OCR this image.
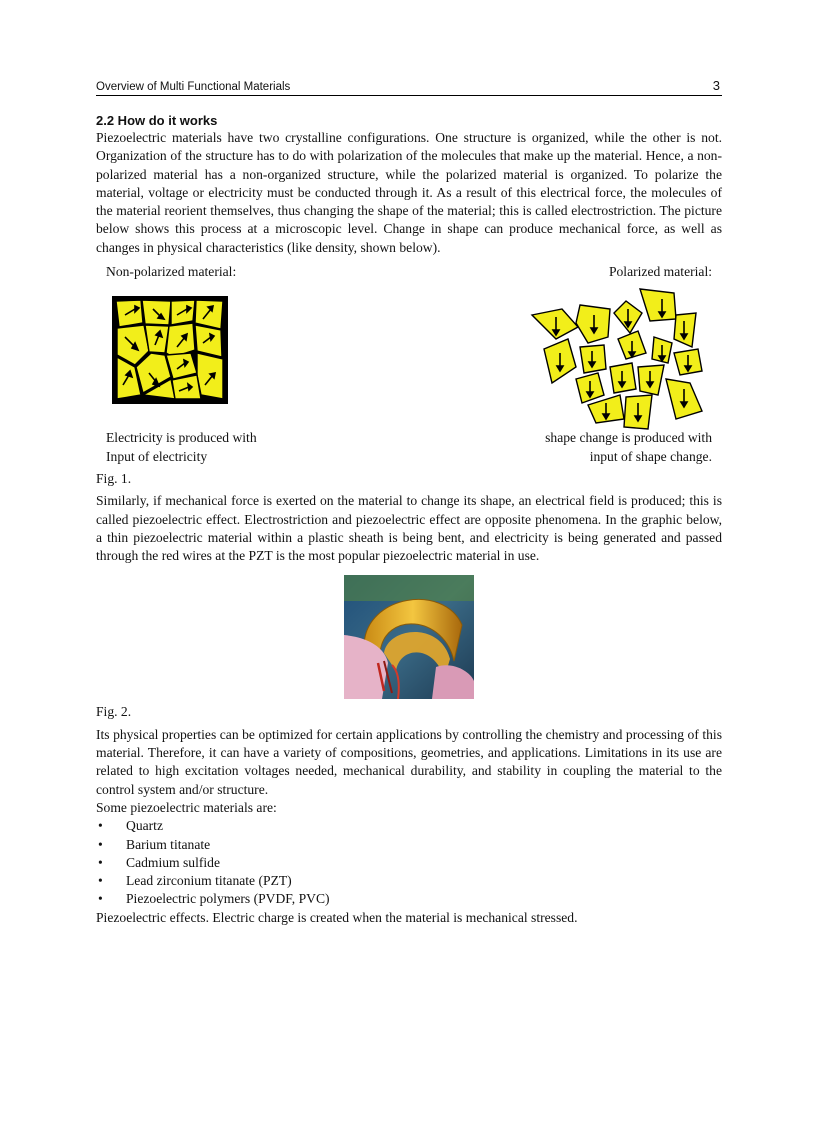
Overview of Multi Functional Materials	3
2.2 How do it works

Piezoelectric materials have two crystalline configurations. One structure is organized, while the other is not. Organization of the structure has to do with polarization of the molecules that make up the material. Hence, a non-polarized material has a non-organized structure, while the polarized material is organized. To polarize the material, voltage or electricity must be conducted through it. As a result of this electrical force, the molecules of the material reorient themselves, thus changing the shape of the material; this is called electrostriction. The picture below shows this process at a microscopic level. Change in shape can produce mechanical force, as well as changes in physical characteristics (like density, shown below).

Non-polarized material:	Polarized material:
Electricity is produced with
Input of electricity
shape change is produced with
input of shape change.
Fig. 1.

Similarly, if mechanical force is exerted on the material to change its shape, an electrical field is produced; this is called piezoelectric effect. Electrostriction and piezoelectric effect are opposite phenomena. In the graphic below, a thin piezoelectric material within a plastic sheath is being bent, and electricity is being generated and passed through the red wires at the PZT is the most popular piezoelectric material in use.

Fig. 2.

Its physical properties can be optimized for certain applications by controlling the chemistry and processing of this material. Therefore, it can have a variety of compositions, geometries, and applications. Limitations in its use are related to high excitation voltages needed, mechanical durability, and stability in coupling the material to the control system and/or structure.

Some piezoelectric materials are:
• Quartz
• Barium titanate
• Cadmium sulfide
• Lead zirconium titanate (PZT)
• Piezoelectric polymers (PVDF, PVC)
Piezoelectric effects. Electric charge is created when the material is mechanical stressed.
